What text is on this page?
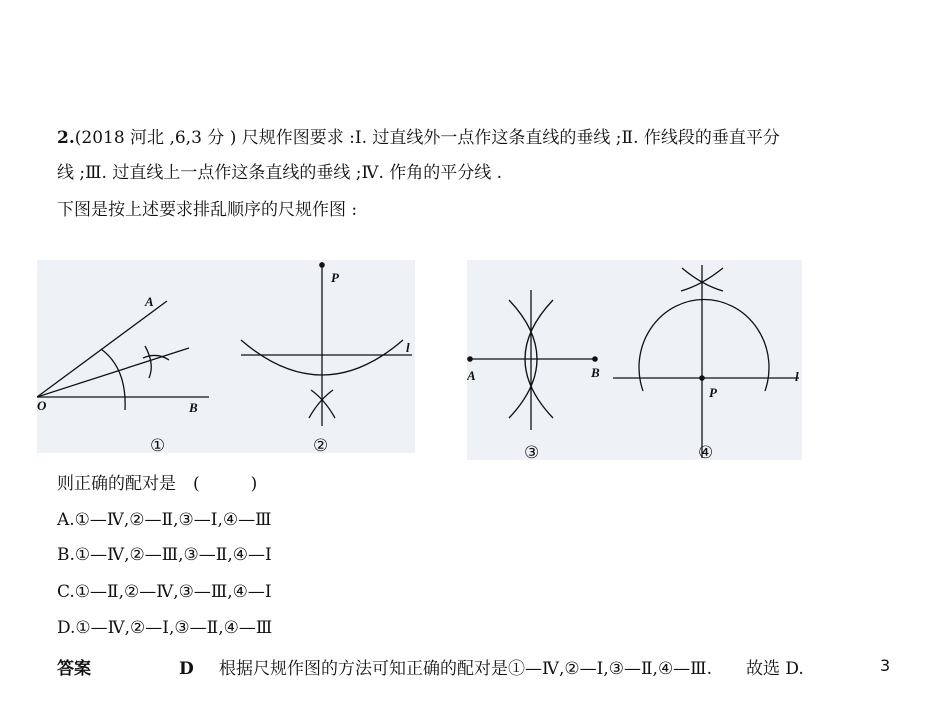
2.(2018 河北 ,6,3 分 ) 尺规作图要求 :Ⅰ. 过直线外一点作这条直线的垂线 ;Ⅱ. 作线段的垂直平分
线 ;Ⅲ. 过直线上一点作这条直线的垂线 ;Ⅳ. 作角的平分线 .
下图是按上述要求排乱顺序的尺规作图 :
A
O	B
P
l
①	②
A	B
P
l
③	④
则正确的配对是　(　　　)
A.①—Ⅳ,②—Ⅱ,③—Ⅰ,④—Ⅲ
B.①—Ⅳ,②—Ⅲ,③—Ⅱ,④—Ⅰ
C.①—Ⅱ,②—Ⅳ,③—Ⅲ,④—Ⅰ
D.①—Ⅳ,②—Ⅰ,③—Ⅱ,④—Ⅲ
答案	D 根据尺规作图的方法可知正确的配对是①—Ⅳ,②—Ⅰ,③—Ⅱ,④—Ⅲ.　　故选 D.	3
